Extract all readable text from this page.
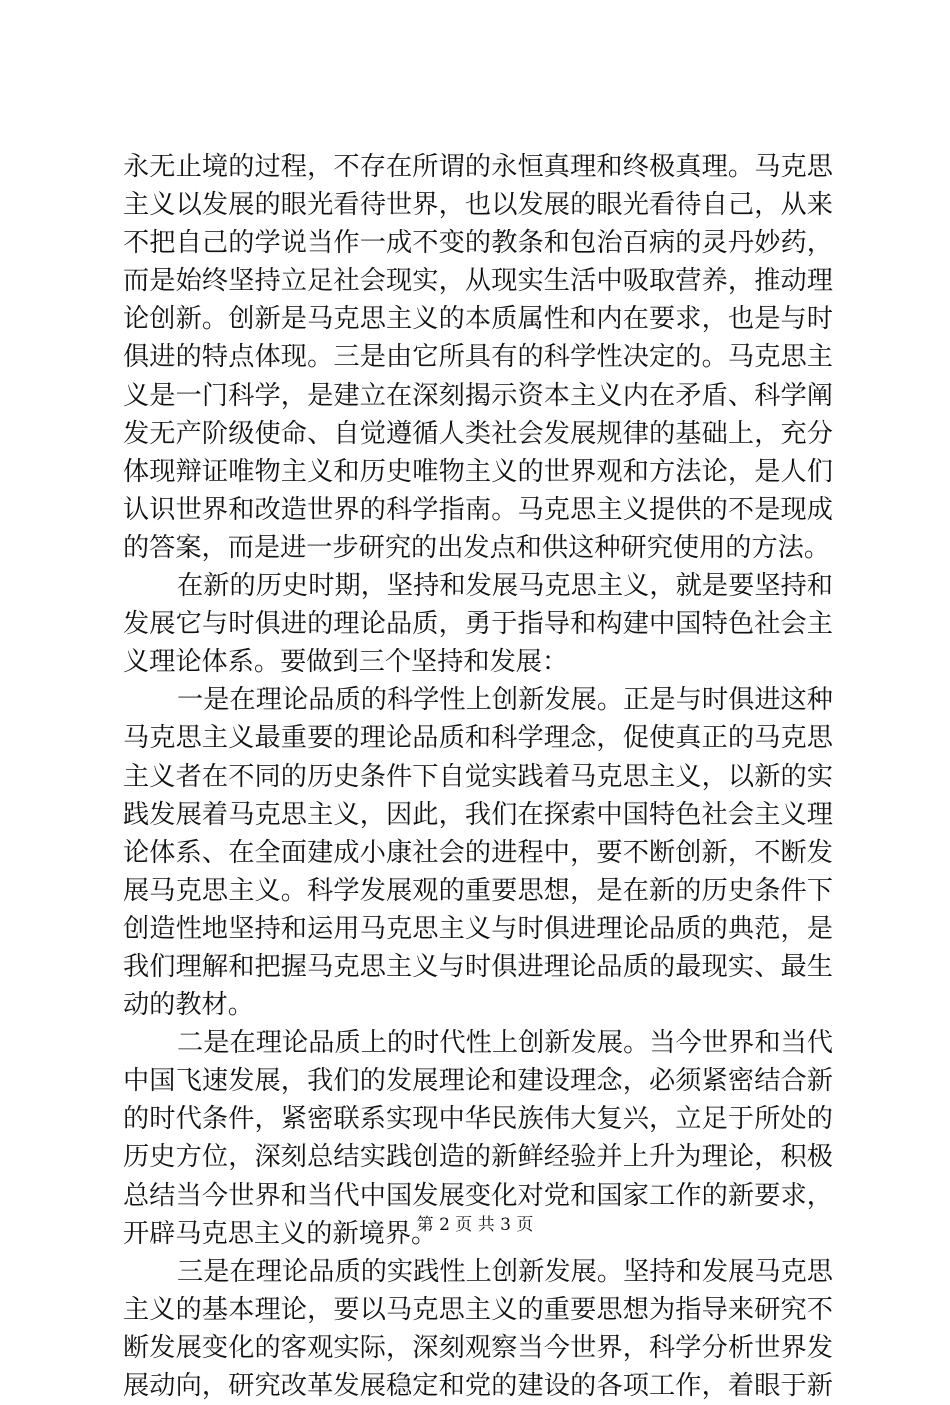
永无止境的过程，不存在所谓的永恒真理和终极真理。马克思
主义以发展的眼光看待世界，也以发展的眼光看待自己，从来
不把自己的学说当作一成不变的教条和包治百病的灵丹妙药，
而是始终坚持立足社会现实，从现实生活中吸取营养，推动理
论创新。创新是马克思主义的本质属性和内在要求，也是与时
俱进的特点体现。三是由它所具有的科学性决定的。马克思主
义是一门科学，是建立在深刻揭示资本主义内在矛盾、科学阐
发无产阶级使命、自觉遵循人类社会发展规律的基础上，充分
体现辩证唯物主义和历史唯物主义的世界观和方法论，是人们
认识世界和改造世界的科学指南。马克思主义提供的不是现成
的答案，而是进一步研究的出发点和供这种研究使用的方法。
在新的历史时期，坚持和发展马克思主义，就是要坚持和
发展它与时俱进的理论品质，勇于指导和构建中国特色社会主
义理论体系。要做到三个坚持和发展：
一是在理论品质的科学性上创新发展。正是与时俱进这种
马克思主义最重要的理论品质和科学理念，促使真正的马克思
主义者在不同的历史条件下自觉实践着马克思主义，以新的实
践发展着马克思主义，因此，我们在探索中国特色社会主义理
论体系、在全面建成小康社会的进程中，要不断创新，不断发
展马克思主义。科学发展观的重要思想，是在新的历史条件下
创造性地坚持和运用马克思主义与时俱进理论品质的典范，是
我们理解和把握马克思主义与时俱进理论品质的最现实、最生
动的教材。
二是在理论品质上的时代性上创新发展。当今世界和当代
中国飞速发展，我们的发展理论和建设理念，必须紧密结合新
的时代条件，紧密联系实现中华民族伟大复兴，立足于所处的
历史方位，深刻总结实践创造的新鲜经验并上升为理论，积极
总结当今世界和当代中国发展变化对党和国家工作的新要求，
开辟马克思主义的新境界。
三是在理论品质的实践性上创新发展。坚持和发展马克思
主义的基本理论，要以马克思主义的重要思想为指导来研究不
断发展变化的客观实际，深刻观察当今世界，科学分析世界发
展动向，研究改革发展稳定和党的建设的各项工作，着眼于新
第 2 页 共 3 页
